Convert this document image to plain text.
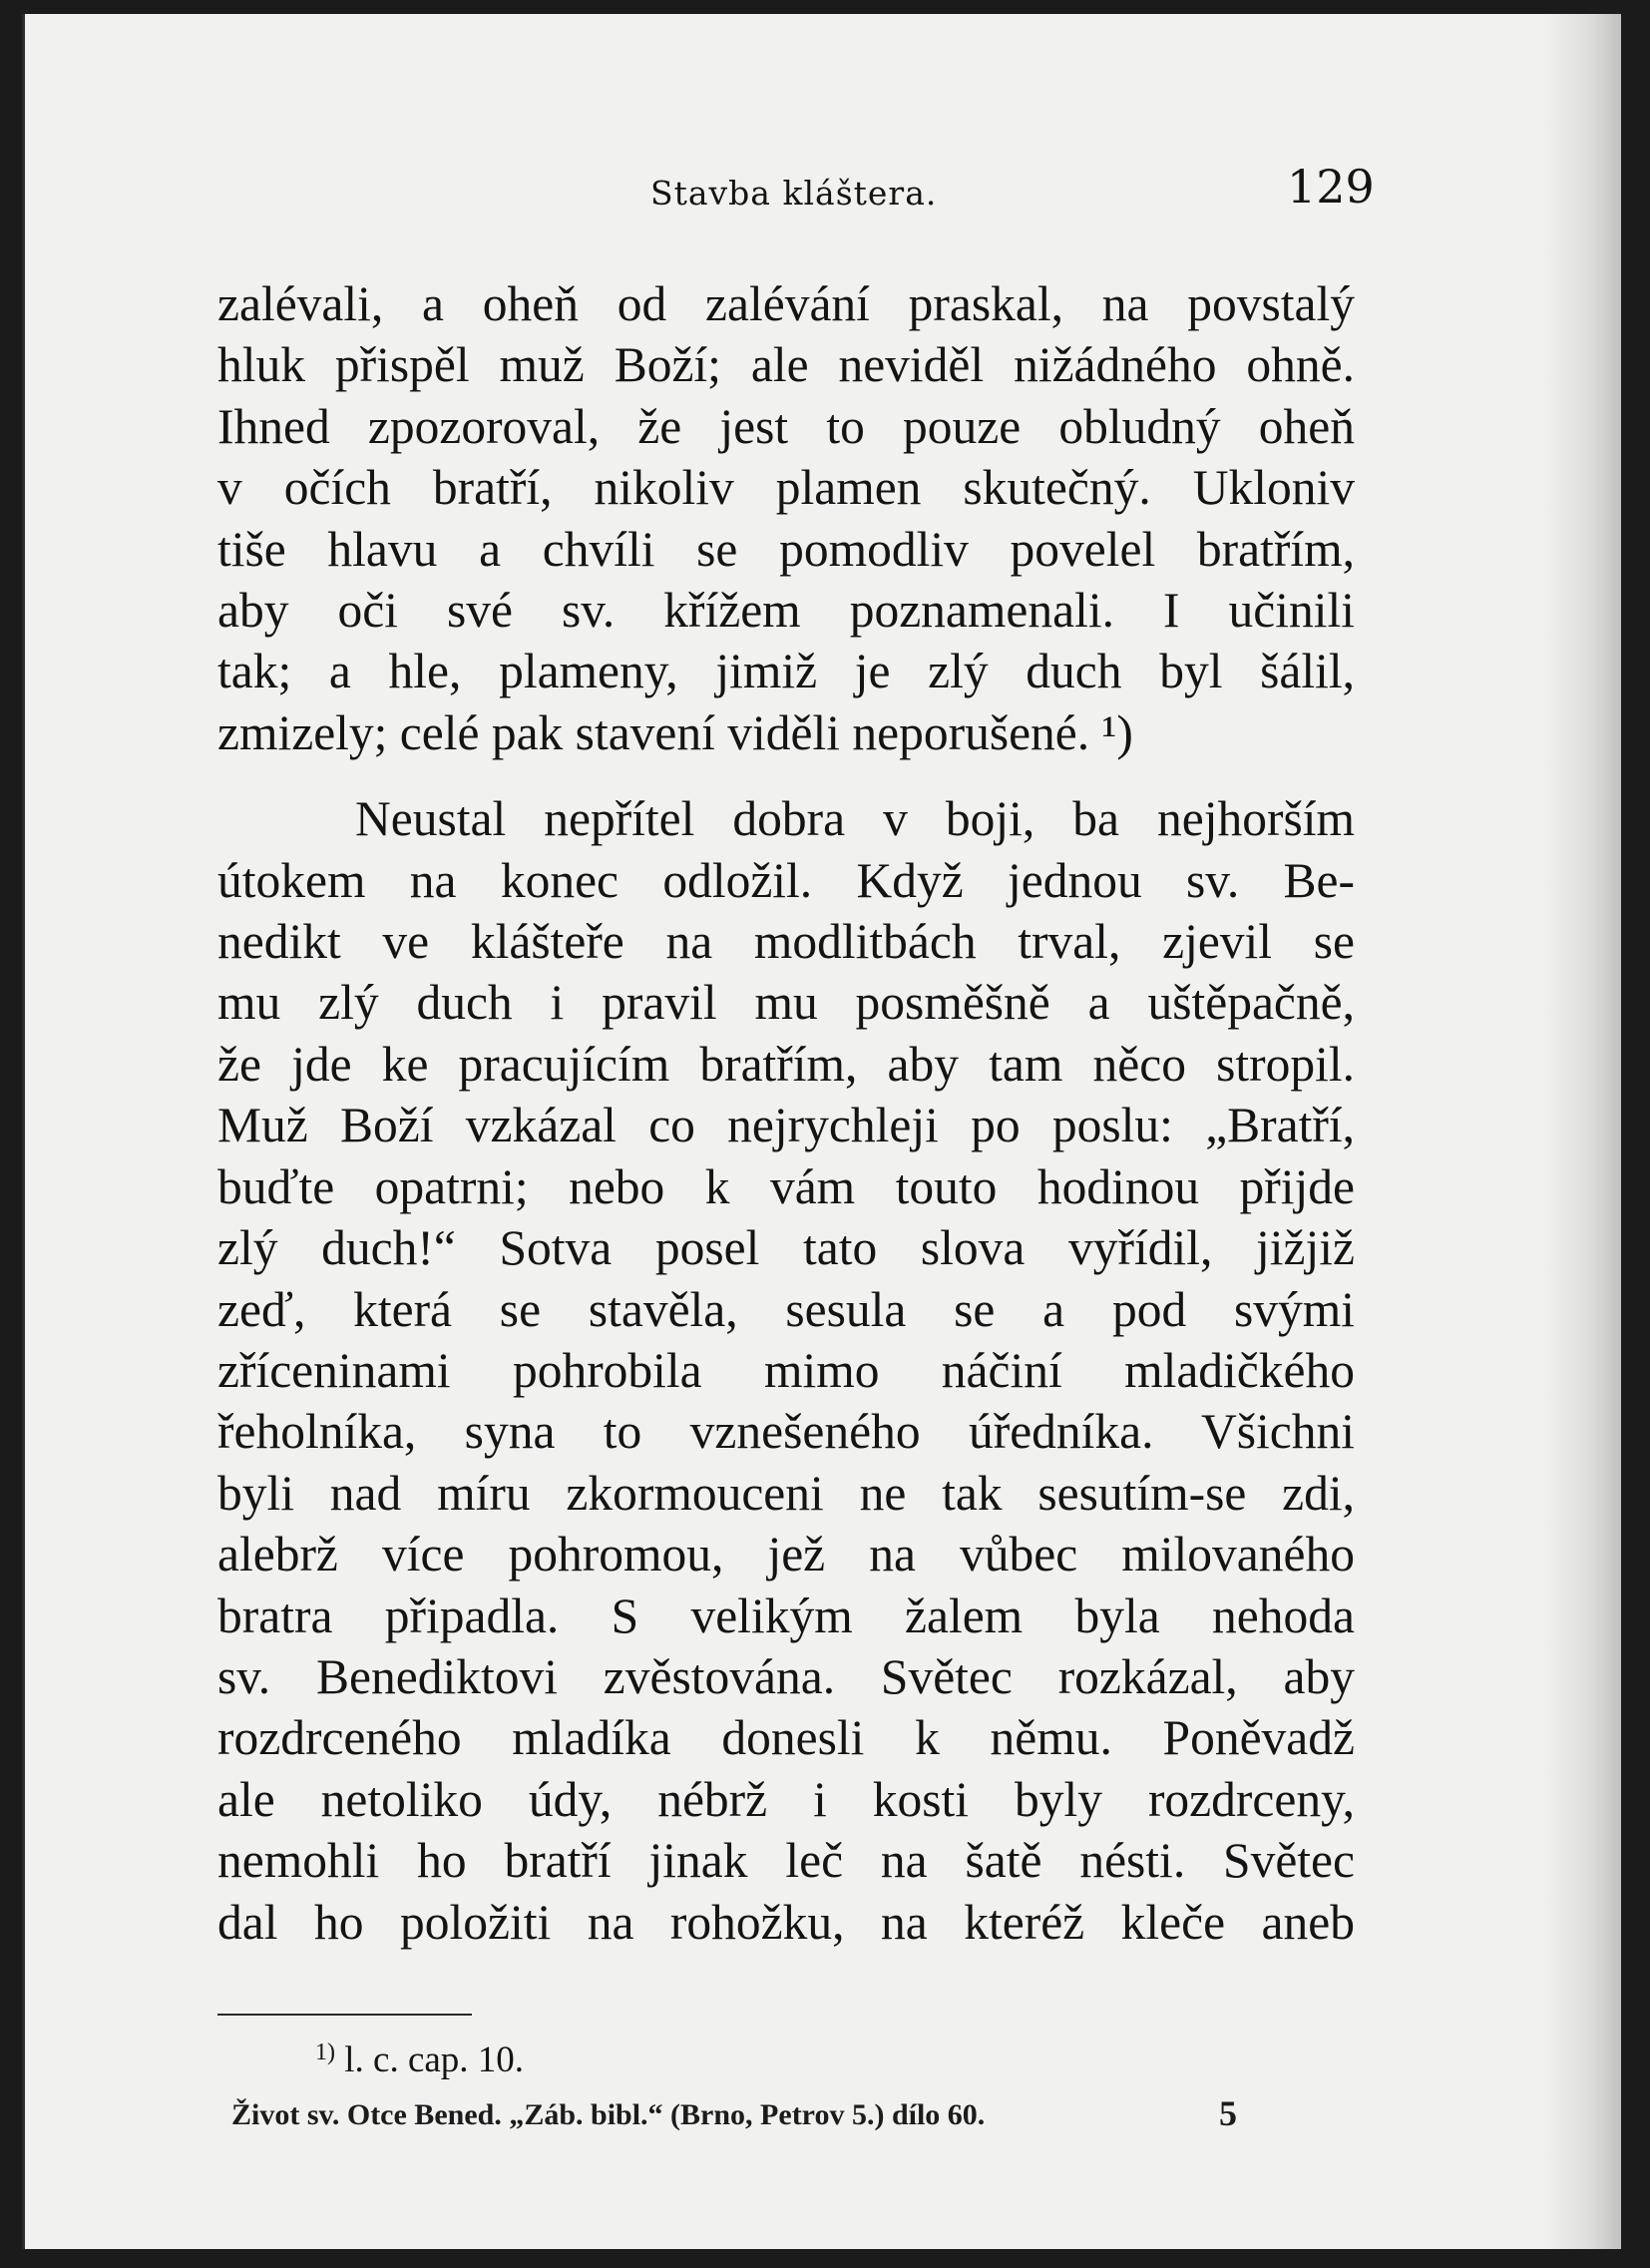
Stavba kláštera.	129
zalévali, a oheň od zalévání praskal, na povstalý
hluk přispěl muž Boží; ale neviděl nižádného ohně.
Ihned zpozoroval, že jest to pouze obludný oheň
v očích bratří, nikoliv plamen skutečný. Ukloniv
tiše hlavu a chvíli se pomodliv povelel bratřím,
aby oči své sv. křížem poznamenali. I učinili
tak; a hle, plameny, jimiž je zlý duch byl šálil,
zmizely; celé pak stavení viděli neporušené. ¹)
Neustal nepřítel dobra v boji, ba nejhorším
útokem na konec odložil. Když jednou sv. Be-
nedikt ve klášteře na modlitbách trval, zjevil se
mu zlý duch i pravil mu posměšně a uštěpačně,
že jde ke pracujícím bratřím, aby tam něco stropil.
Muž Boží vzkázal co nejrychleji po poslu: „Bratří,
buďte opatrni; nebo k vám touto hodinou přijde
zlý duch!“ Sotva posel tato slova vyřídil, jižjiž
zeď, která se stavěla, sesula se a pod svými
zříceninami pohrobila mimo náčiní mladičkého
řeholníka, syna to vznešeného úředníka. Všichni
byli nad míru zkormouceni ne tak sesutím-se zdi,
alebrž více pohromou, jež na vůbec milovaného
bratra připadla. S velikým žalem byla nehoda
sv. Benediktovi zvěstována. Světec rozkázal, aby
rozdrceného mladíka donesli k němu. Poněvadž
ale netoliko údy, nébrž i kosti byly rozdrceny,
nemohli ho bratří jinak leč na šatě nésti. Světec
dal ho položiti na rohožku, na kteréž kleče aneb
$^{1)}$ l. c. cap. 10.
Život sv. Otce Bened. „Záb. bibl.“ (Brno, Petrov 5.) dílo 60.	5
